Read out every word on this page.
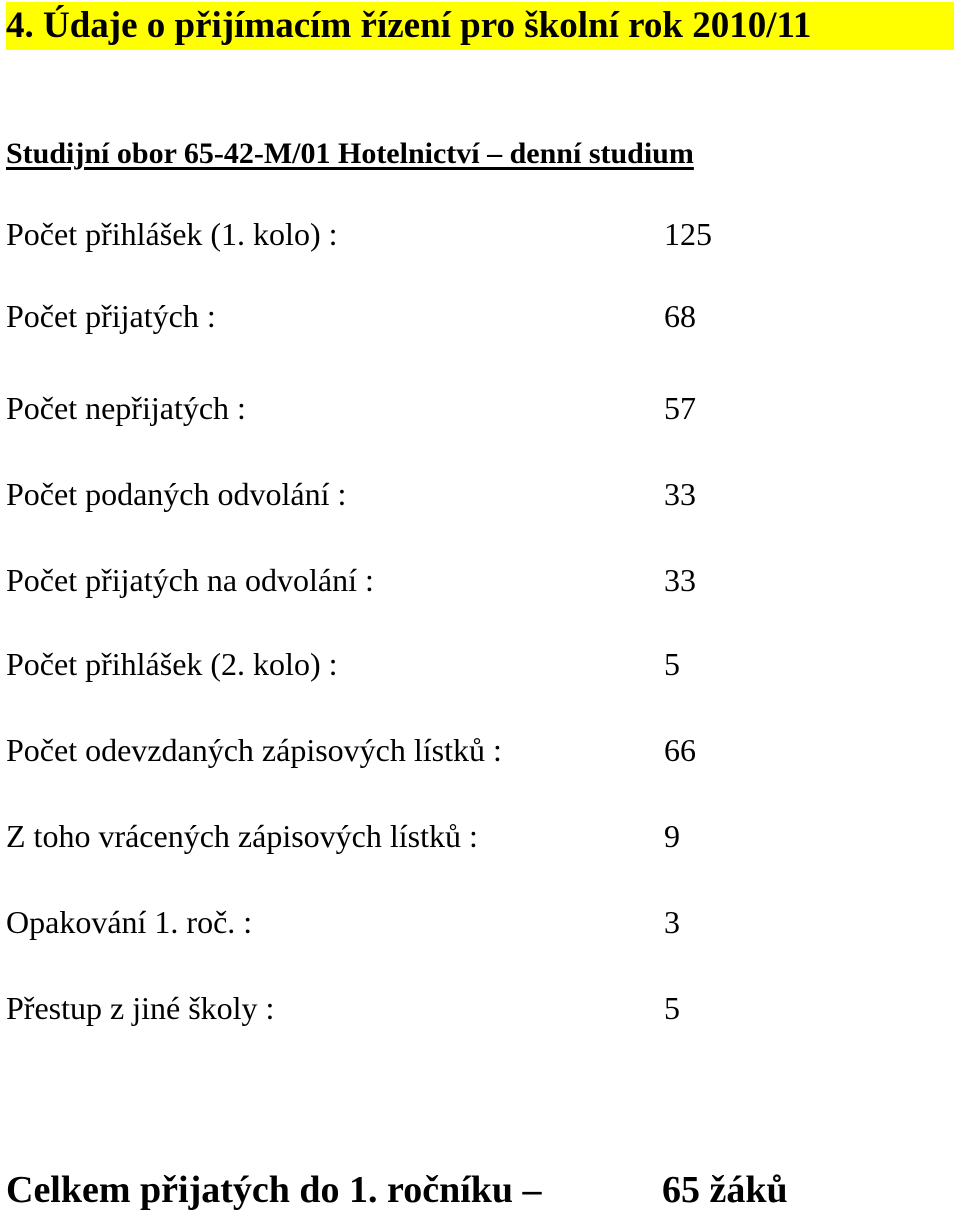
4. Údaje o přijímacím řízení pro školní rok 2010/11
Studijní obor 65-42-M/01 Hotelnictví – denní studium
Počet přihlášek (1. kolo) :	125
Počet přijatých :	68
Počet nepřijatých :	57
Počet podaných odvolání :	33
Počet přijatých na odvolání :	33
Počet přihlášek (2. kolo) :	5
Počet odevzdaných zápisových lístků :	66
Z toho vrácených zápisových lístků :	9
Opakování 1. roč. :	3
Přestup z jiné školy :	5
Celkem přijatých do 1. ročníku –	65 žáků
